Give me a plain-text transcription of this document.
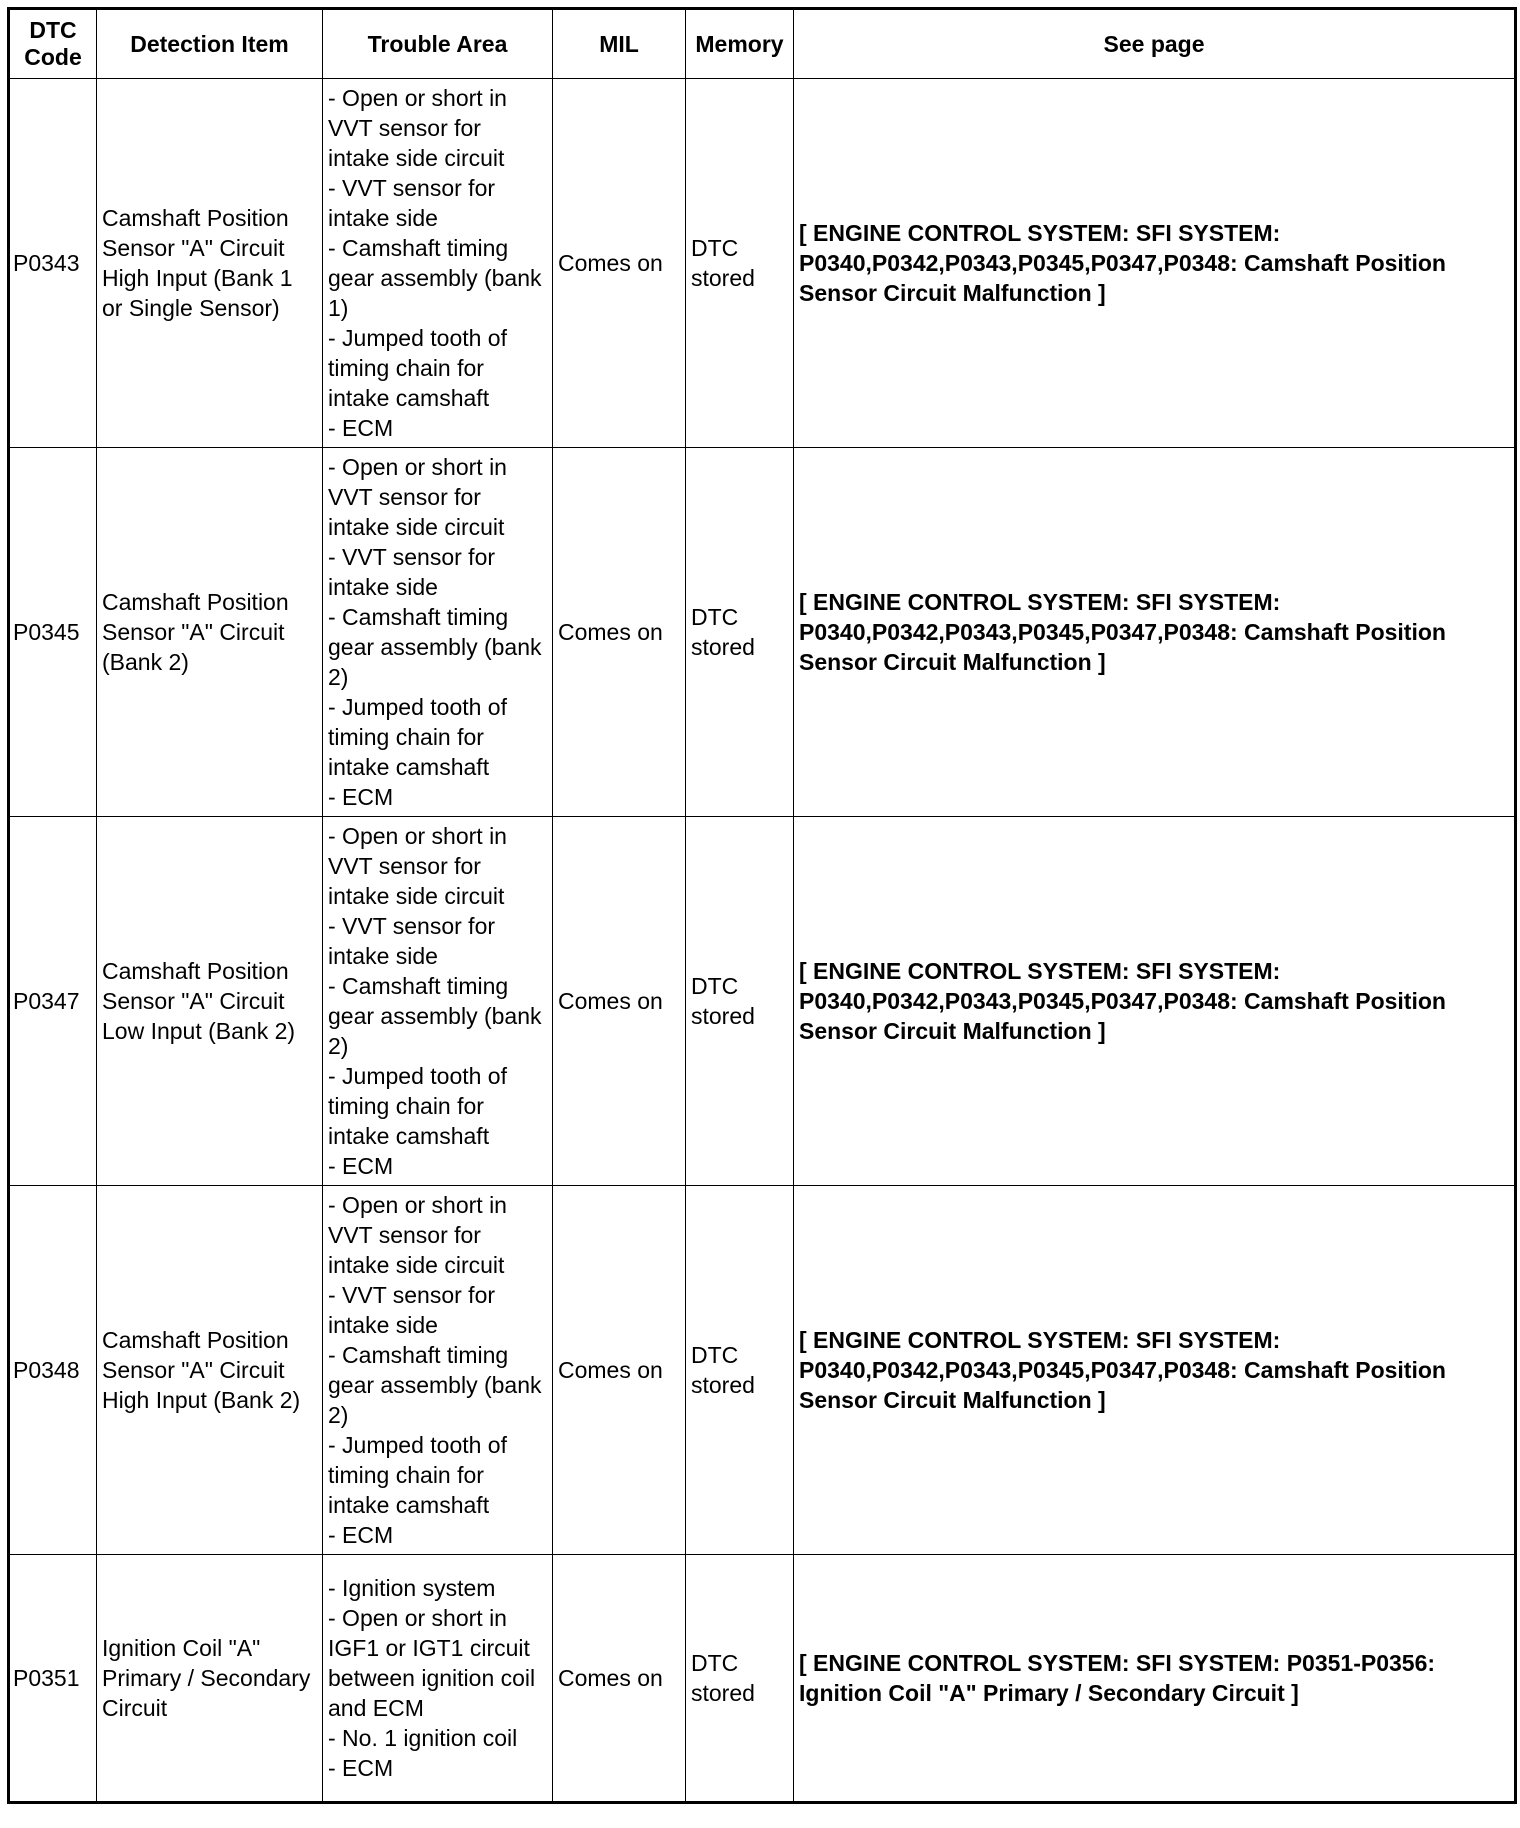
DTC Code	Detection Item	Trouble Area	MIL	Memory	See page
P0343	Camshaft Position Sensor "A" Circuit High Input (Bank 1 or Single Sensor)	- Open or short in VVT sensor for intake side circuit
- VVT sensor for intake side
- Camshaft timing gear assembly (bank 1)
- Jumped tooth of timing chain for intake camshaft
- ECM	Comes on	DTC stored	[ ENGINE CONTROL SYSTEM: SFI SYSTEM: P0340,P0342,P0343,P0345,P0347,P0348: Camshaft Position Sensor Circuit Malfunction ]
P0345	Camshaft Position Sensor "A" Circuit (Bank 2)	- Open or short in VVT sensor for intake side circuit
- VVT sensor for intake side
- Camshaft timing gear assembly (bank 2)
- Jumped tooth of timing chain for intake camshaft
- ECM	Comes on	DTC stored	[ ENGINE CONTROL SYSTEM: SFI SYSTEM: P0340,P0342,P0343,P0345,P0347,P0348: Camshaft Position Sensor Circuit Malfunction ]
P0347	Camshaft Position Sensor "A" Circuit Low Input (Bank 2)	- Open or short in VVT sensor for intake side circuit
- VVT sensor for intake side
- Camshaft timing gear assembly (bank 2)
- Jumped tooth of timing chain for intake camshaft
- ECM	Comes on	DTC stored	[ ENGINE CONTROL SYSTEM: SFI SYSTEM: P0340,P0342,P0343,P0345,P0347,P0348: Camshaft Position Sensor Circuit Malfunction ]
P0348	Camshaft Position Sensor "A" Circuit High Input (Bank 2)	- Open or short in VVT sensor for intake side circuit
- VVT sensor for intake side
- Camshaft timing gear assembly (bank 2)
- Jumped tooth of timing chain for intake camshaft
- ECM	Comes on	DTC stored	[ ENGINE CONTROL SYSTEM: SFI SYSTEM: P0340,P0342,P0343,P0345,P0347,P0348: Camshaft Position Sensor Circuit Malfunction ]
P0351	Ignition Coil "A" Primary / Secondary Circuit	- Ignition system
- Open or short in IGF1 or IGT1 circuit between ignition coil and ECM
- No. 1 ignition coil
- ECM	Comes on	DTC stored	[ ENGINE CONTROL SYSTEM: SFI SYSTEM: P0351-P0356: Ignition Coil "A" Primary / Secondary Circuit ]
